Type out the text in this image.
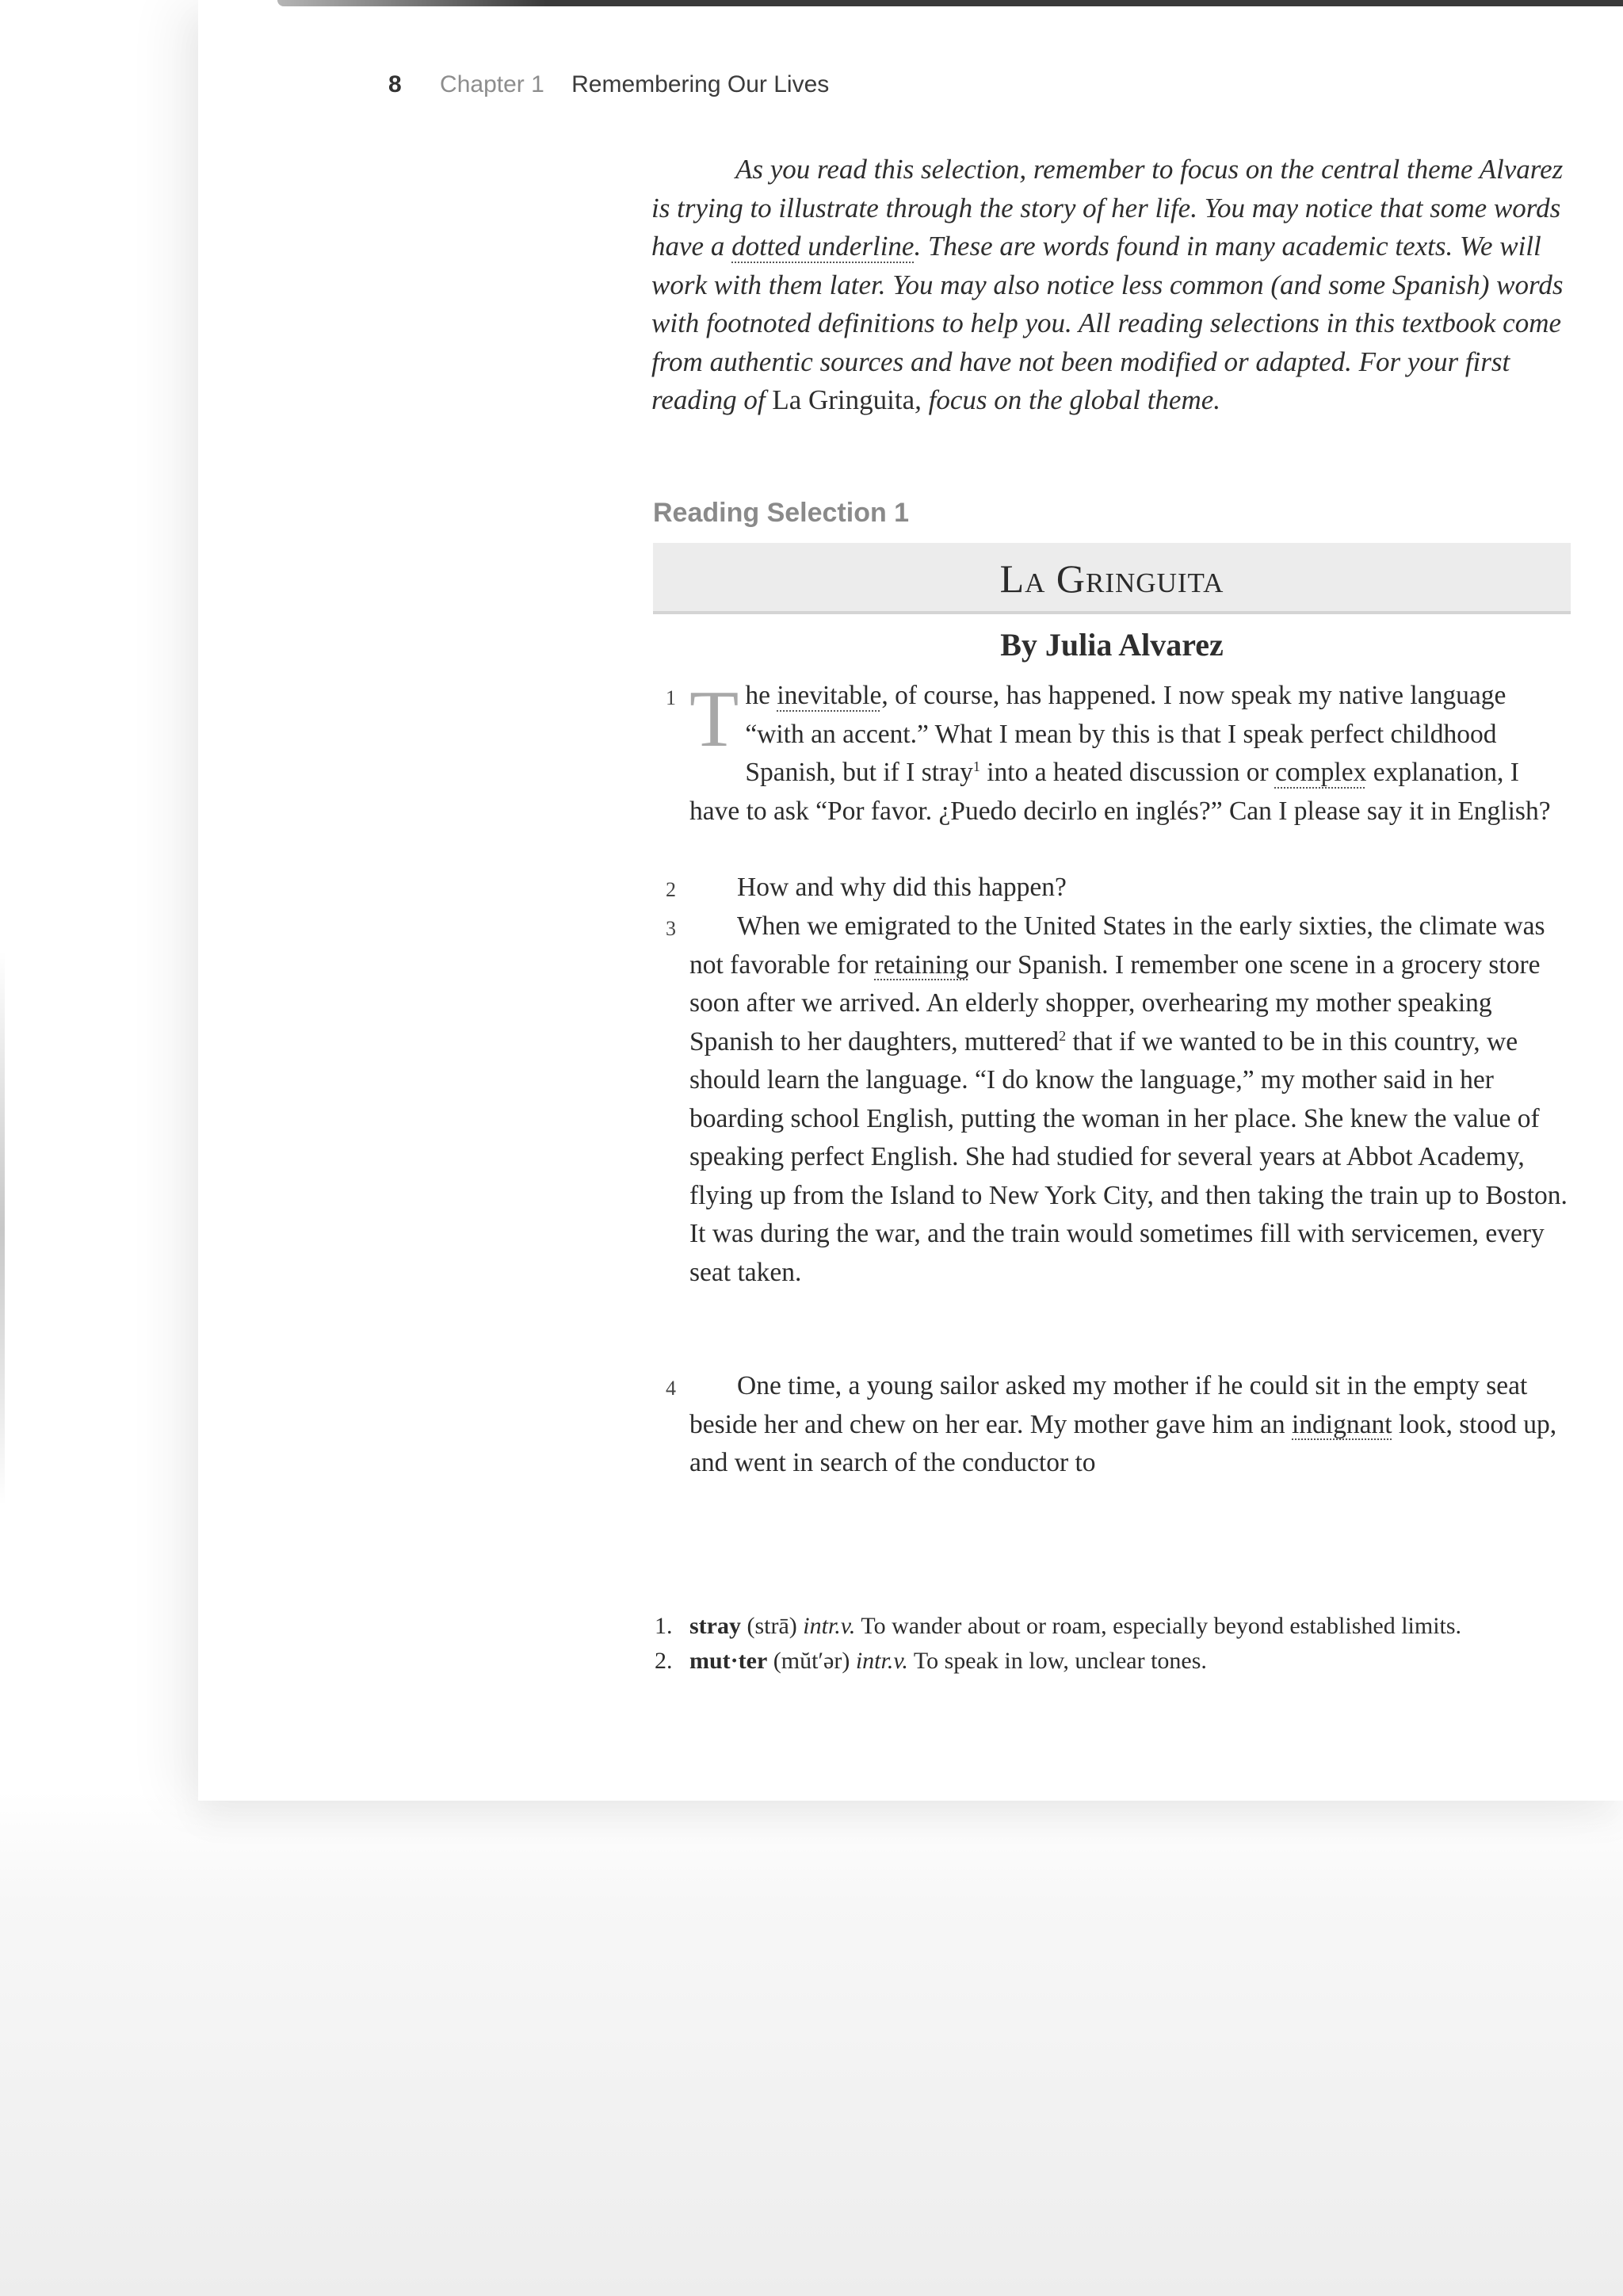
8 Chapter 1 Remembering Our Lives

As you read this selection, remember to focus on the central theme Alvarez is trying to illustrate through the story of her life. You may notice that some words have a dotted underline. These are words found in many academic texts. We will work with them later. You may also notice less common (and some Spanish) words with footnoted definitions to help you. All reading selections in this textbook come from authentic sources and have not been modified or adapted. For your first reading of La Gringuita, focus on the global theme.

Reading Selection 1
La Gringuita
By Julia Alvarez

1 T he inevitable, of course, has happened. I now speak my native language “with an accent.” What I mean by this is that I speak perfect childhood Spanish, but if I stray$^1$ into a heated discussion or complex explanation, I have to ask “Por favor. ¿Puedo decirlo en inglés?” Can I please say it in English?

2 How and why did this happen?

3 When we emigrated to the United States in the early sixties, the climate was not favorable for retaining our Spanish. I remember one scene in a grocery store soon after we arrived. An elderly shopper, overhearing my mother speaking Spanish to her daughters, muttered$^2$ that if we wanted to be in this country, we should learn the language. “I do know the language,” my mother said in her boarding school English, putting the woman in her place. She knew the value of speaking perfect English. She had studied for several years at Abbot Academy, flying up from the Island to New York City, and then taking the train up to Boston. It was during the war, and the train would sometimes fill with servicemen, every seat taken.

4 One time, a young sailor asked my mother if he could sit in the empty seat beside her and chew on her ear. My mother gave him an indignant look, stood up, and went in search of the conductor to

1. stray (strā) intr.v. To wander about or roam, especially beyond established limits.
2. mut·ter (mŭt′ər) intr.v. To speak in low, unclear tones.
